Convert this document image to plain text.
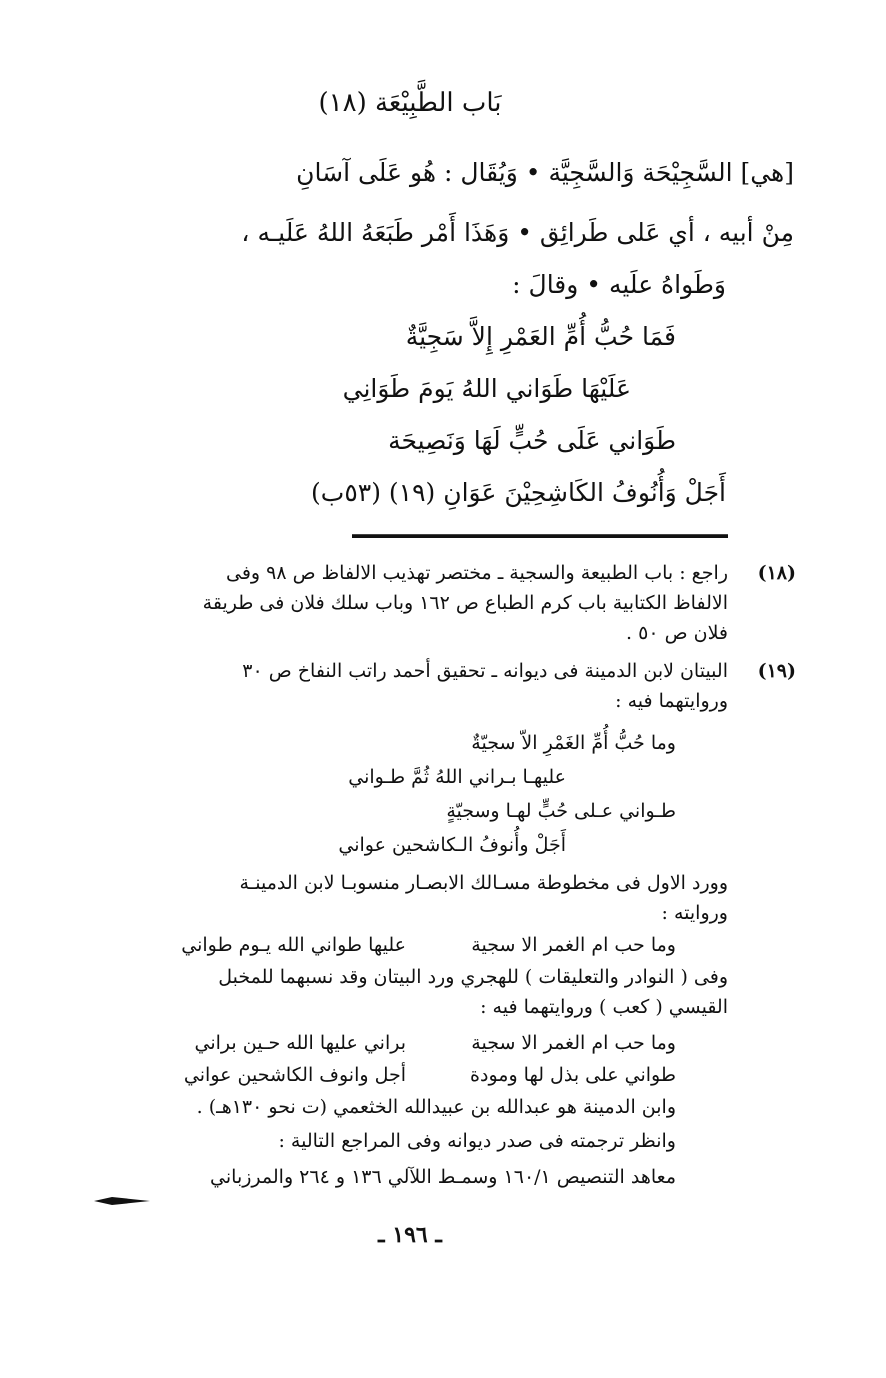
بَاب الطَّبِيْعَة (١٨)
[هي] السَّجِيْحَة وَالسَّجِيَّة • وَيُقَال : هُو عَلَى آسَانِ
مِنْ أبيه ، أي عَلى طَرائِق • وَهَذَا أَمْر طَبَعَهُ اللهُ عَلَيـه ،
وَطَواهُ علَيه • وقالَ :
فَمَا حُبُّ أُمِّ العَمْرِ إِلاَّ سَجِيَّةٌ
عَلَيْهَا طَوَاني اللهُ يَومَ طَوَانِي
طَوَاني عَلَى حُبٍّ لَهَا وَنَصِيحَة
أَجَلْ وَأُنُوفُ الكَاشِحِيْنَ عَوَانِ (١٩) (٥٣ب)
راجع : باب الطبيعة والسجية ـ مختصر تهذيب الالفاظ ص ٩٨ وفى (١٨)
الالفاظ الكتابية باب كرم الطباع ص ١٦٢ وباب سلك فلان فى طريقة
فلان ص ٥٠ .
البيتان لابن الدمينة فى ديوانه ـ تحقيق أحمد راتب النفاخ ص ٣٠ (١٩)
وروايتهما فيه :
وما حُبُّ أُمِّ الغَمْرِ الاّ سجيّةٌ
عليهـا بـراني اللهُ ثُمَّ طـواني
طـواني عـلى حُبٍّ لهـا وسجيّةٍ
أَجَلْ وأُنوفُ الـكاشحين عواني
وورد الاول فى مخطوطة مسـالك الابصـار منسوبـا لابن الدمينـة
وروايته :
وما حب ام الغمر الا سجية
عليها طواني الله يـوم طواني
وفى ( النوادر والتعليقات ) للهجري ورد البيتان وقد نسبهما للمخبل
القيسي ( كعب ) وروايتهما فيه :
وما حب ام الغمر الا سجية
براني عليها الله حـين براني
طواني على بذل لها ومودة
أجل وانوف الكاشحين عواني
وابن الدمينة هو عبدالله بن عبيدالله الخثعمي (ت نحو ١٣٠هـ) .
وانظر ترجمته فى صدر ديوانه وفى المراجع التالية :
معاهد التنصيص ١٦٠/١ وسمـط اللآلي ١٣٦ و ٢٦٤ والمرزباني
ـ ١٩٦ ـ
